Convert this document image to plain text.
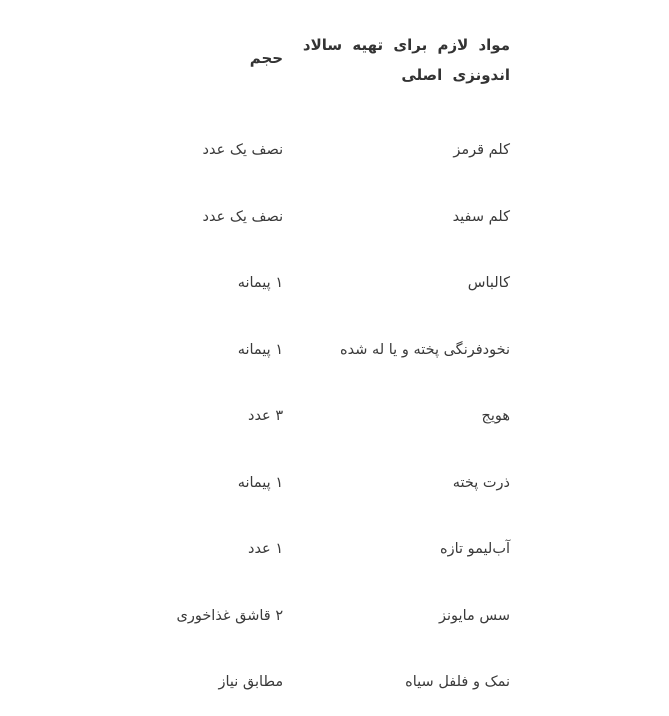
مواد لازم برای تهیه سالاد اندونزی اصلی	حجم
کلم قرمز	نصف یک عدد
کلم سفید	نصف یک عدد
کالباس	۱ پیمانه
نخودفرنگی پخته و یا له شده	۱ پیمانه
هویج	۳ عدد
ذرت پخته	۱ پیمانه
آب‌لیمو تازه	۱ عدد
سس مایونز	۲ قاشق غذاخوری
نمک و فلفل سیاه	مطابق نیاز
